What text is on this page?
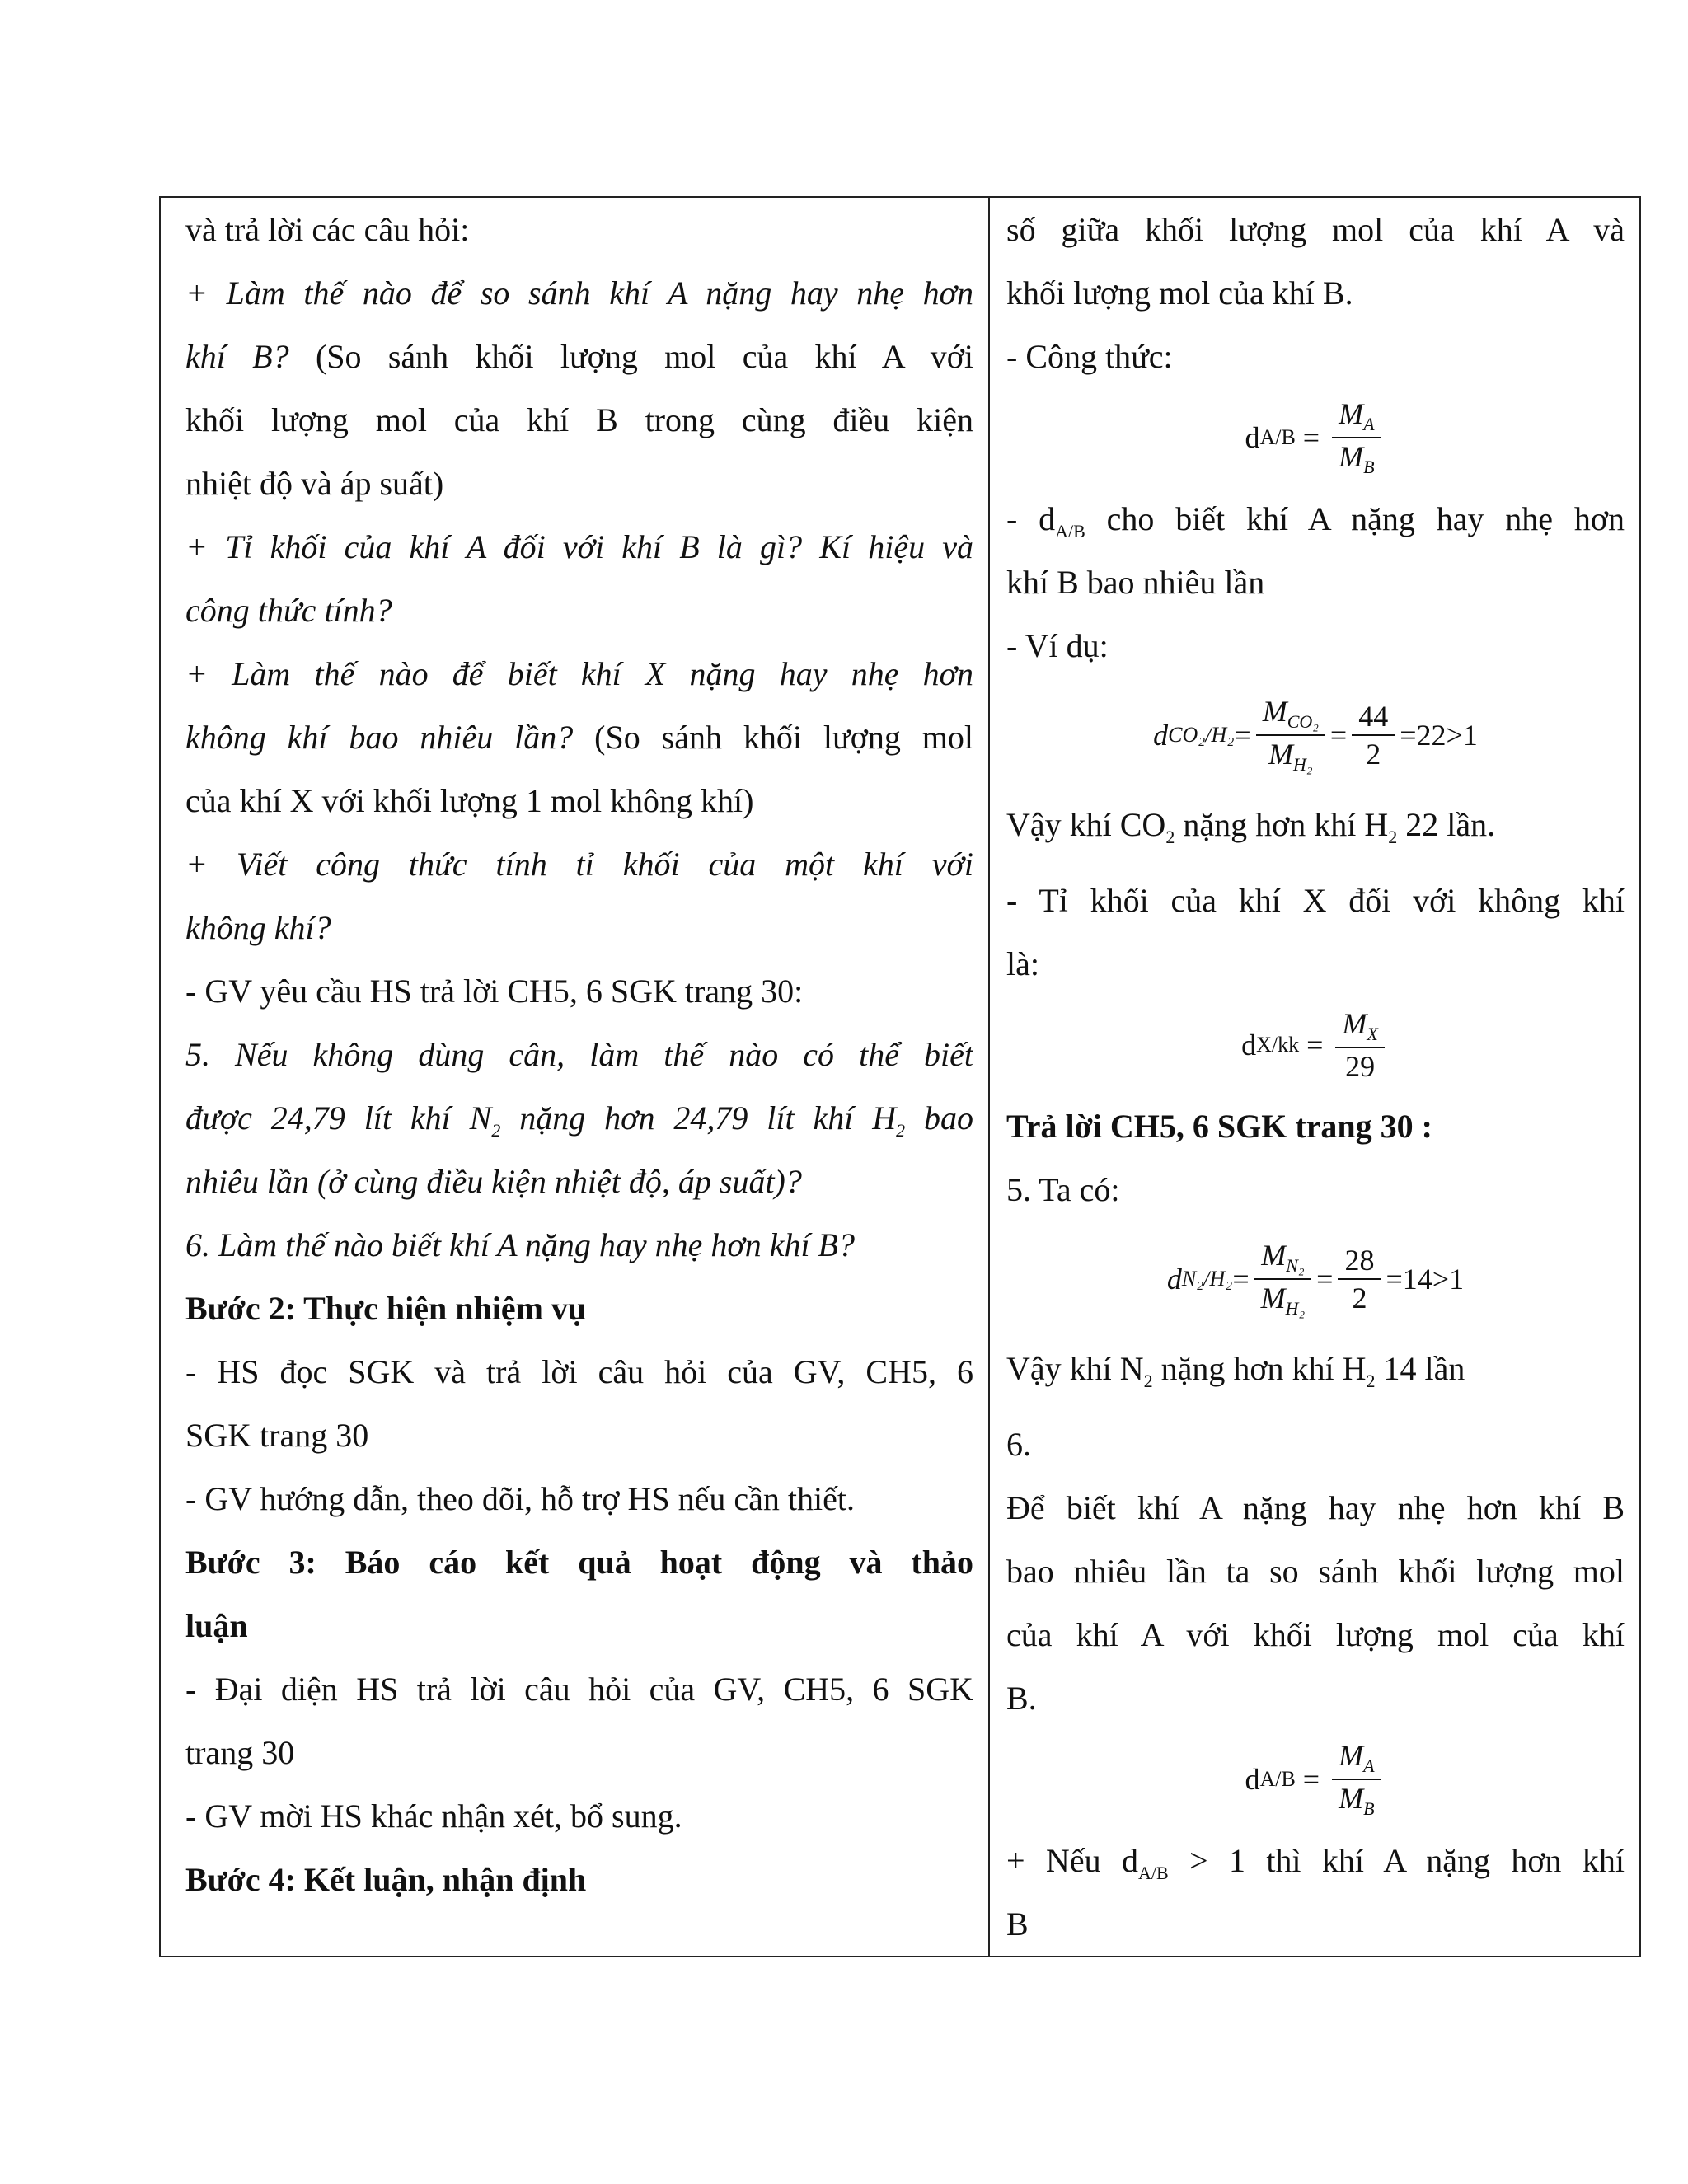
và trả lời các câu hỏi:
+ Làm thế nào để so sánh khí A nặng hay nhẹ hơn
khí B? (So sánh khối lượng mol của khí A với
khối lượng mol của khí B trong cùng điều kiện
nhiệt độ và áp suất)
+ Tỉ khối của khí A đối với khí B là gì? Kí hiệu và
công thức tính?
+ Làm thế nào để biết khí X nặng hay nhẹ hơn
không khí bao nhiêu lần? (So sánh khối lượng mol
của khí X với khối lượng 1 mol không khí)
+ Viết công thức tính tỉ khối của một khí với
không khí?
- GV yêu cầu HS trả lời CH5, 6 SGK trang 30:
5. Nếu không dùng cân, làm thế nào có thể biết
được 24,79 lít khí $N_2$ nặng hơn 24,79 lít khí $H_2$ bao
nhiêu lần (ở cùng điều kiện nhiệt độ, áp suất)?
6. Làm thế nào biết khí A nặng hay nhẹ hơn khí B?
Bước 2: Thực hiện nhiệm vụ
- HS đọc SGK và trả lời câu hỏi của GV, CH5, 6
SGK trang 30
- GV hướng dẫn, theo dõi, hỗ trợ HS nếu cần thiết.
Bước 3: Báo cáo kết quả hoạt động và thảo
luận
- Đại diện HS trả lời câu hỏi của GV, CH5, 6 SGK
trang 30
- GV mời HS khác nhận xét, bổ sung.
Bước 4: Kết luận, nhận định

số giữa khối lượng mol của khí A và
khối lượng mol của khí B.
- Công thức:
d $A/B = \frac{M_A}{M_B}$
- $d_{A/B}$ cho biết khí A nặng hay nhẹ hơn
khí B bao nhiêu lần
- Ví dụ:
d $CO_2/H_2 = \frac{M_{CO_2}}{M_{H_2}} = \frac{44}{2} =22>1$
Vậy khí $CO_2$ nặng hơn khí $H_2$ 22 lần.
- Tỉ khối của khí X đối với không khí
là:
d $X/kk = \frac{M_X}{29}$
Trả lời CH5, 6 SGK trang 30 :
5. Ta có:
d $N_2/H_2 = \frac{M_{N_2}}{M_{H_2}} = \frac{28}{2} =14>1$
Vậy khí $N_2$ nặng hơn khí $H_2$ 14 lần
6.
Để biết khí A nặng hay nhẹ hơn khí B
bao nhiêu lần ta so sánh khối lượng mol
của khí A với khối lượng mol của khí
B.
d $A/B = \frac{M_A}{M_B}$
+ Nếu $d_{A/B} > 1$ thì khí A nặng hơn khí
B
